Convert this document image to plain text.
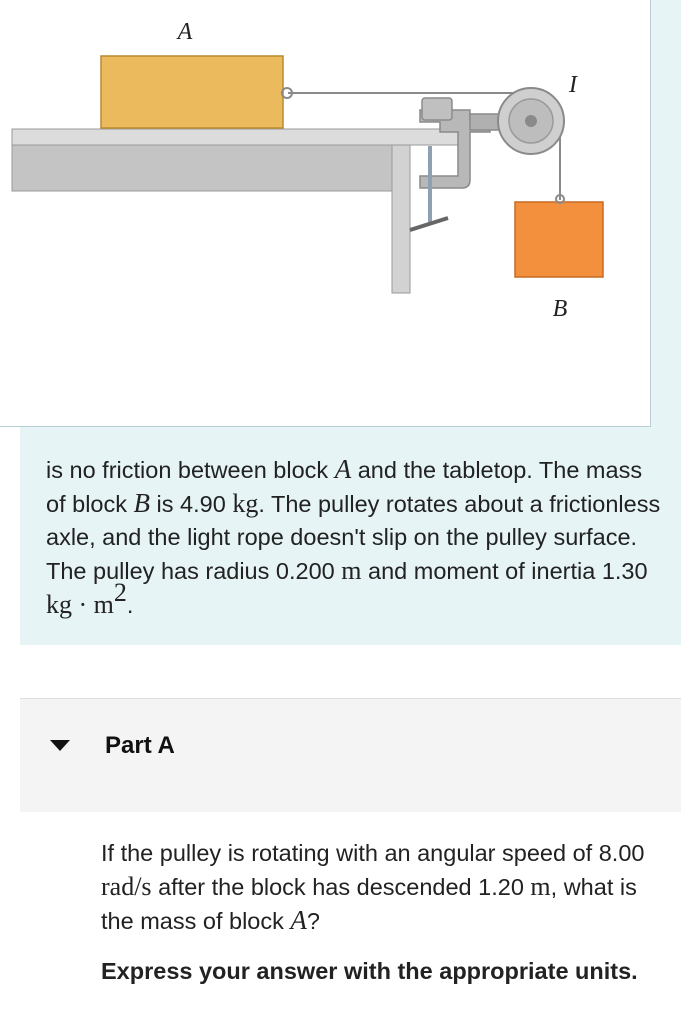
A
I
B

is no friction between block A and the tabletop. The mass of block B is 4.90 kg. The pulley rotates about a frictionless axle, and the light rope doesn't slip on the pulley surface. The pulley has radius 0.200 m and moment of inertia 1.30 kg · $m^2$.

Part A

If the pulley is rotating with an angular speed of 8.00 rad/s after the block has descended 1.20 m, what is the mass of block A?

Express your answer with the appropriate units.
